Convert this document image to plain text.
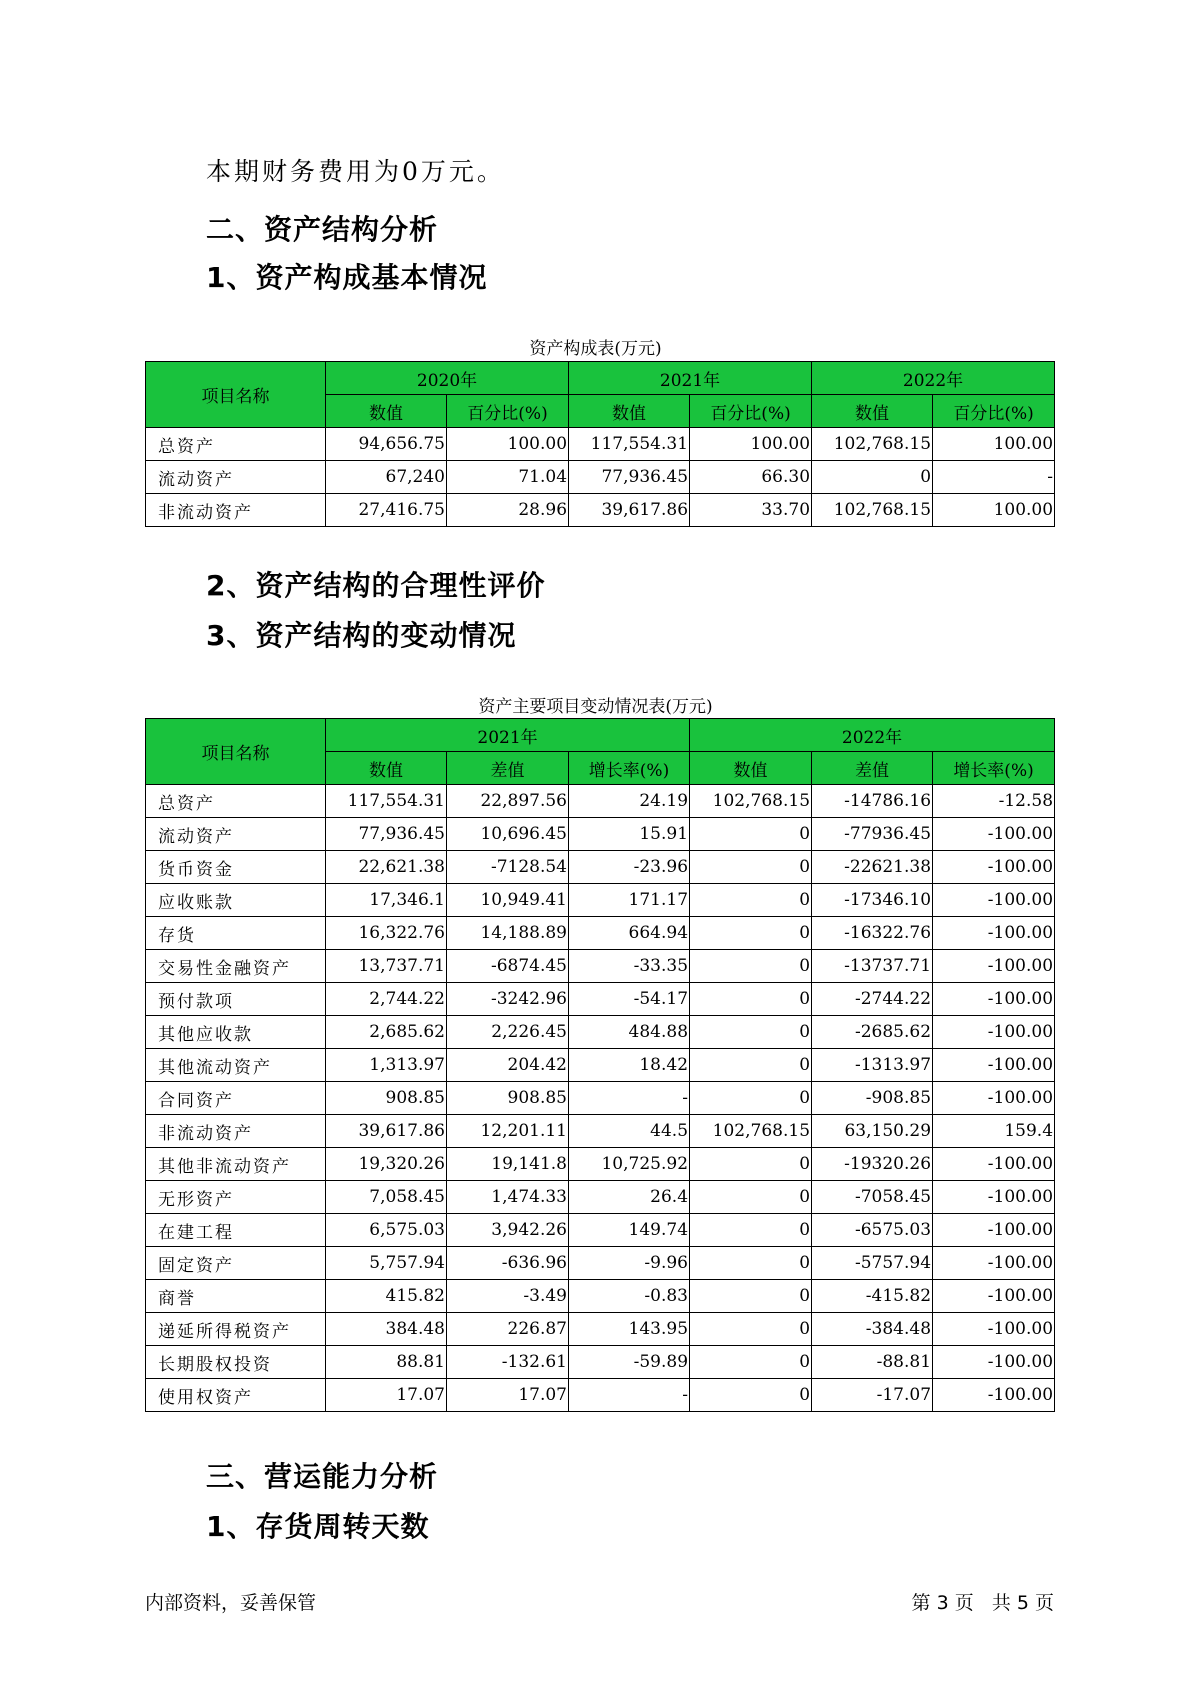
本期财务费用为0万元。
二、资产结构分析
1、资产构成基本情况
资产构成表(万元)
项目名称	2020年		2021年		2022年	
	数值	百分比(%)	数值	百分比(%)	数值	百分比(%)
总资产	94,656.75	100.00	117,554.31	100.00	102,768.15	100.00
流动资产	67,240	71.04	77,936.45	66.30	0	-
非流动资产	27,416.75	28.96	39,617.86	33.70	102,768.15	100.00
2、资产结构的合理性评价
3、资产结构的变动情况
资产主要项目变动情况表(万元)
项目名称	2021年			2022年		
	数值	差值	增长率(%)	数值	差值	增长率(%)
总资产	117,554.31	22,897.56	24.19	102,768.15	-14786.16	-12.58
流动资产	77,936.45	10,696.45	15.91	0	-77936.45	-100.00
货币资金	22,621.38	-7128.54	-23.96	0	-22621.38	-100.00
应收账款	17,346.1	10,949.41	171.17	0	-17346.10	-100.00
存货	16,322.76	14,188.89	664.94	0	-16322.76	-100.00
交易性金融资产	13,737.71	-6874.45	-33.35	0	-13737.71	-100.00
预付款项	2,744.22	-3242.96	-54.17	0	-2744.22	-100.00
其他应收款	2,685.62	2,226.45	484.88	0	-2685.62	-100.00
其他流动资产	1,313.97	204.42	18.42	0	-1313.97	-100.00
合同资产	908.85	908.85	-	0	-908.85	-100.00
非流动资产	39,617.86	12,201.11	44.5	102,768.15	63,150.29	159.4
其他非流动资产	19,320.26	19,141.8	10,725.92	0	-19320.26	-100.00
无形资产	7,058.45	1,474.33	26.4	0	-7058.45	-100.00
在建工程	6,575.03	3,942.26	149.74	0	-6575.03	-100.00
固定资产	5,757.94	-636.96	-9.96	0	-5757.94	-100.00
商誉	415.82	-3.49	-0.83	0	-415.82	-100.00
递延所得税资产	384.48	226.87	143.95	0	-384.48	-100.00
长期股权投资	88.81	-132.61	-59.89	0	-88.81	-100.00
使用权资产	17.07	17.07	-	0	-17.07	-100.00
三、营运能力分析
1、存货周转天数
内部资料，妥善保管	第 3 页   共 5 页
